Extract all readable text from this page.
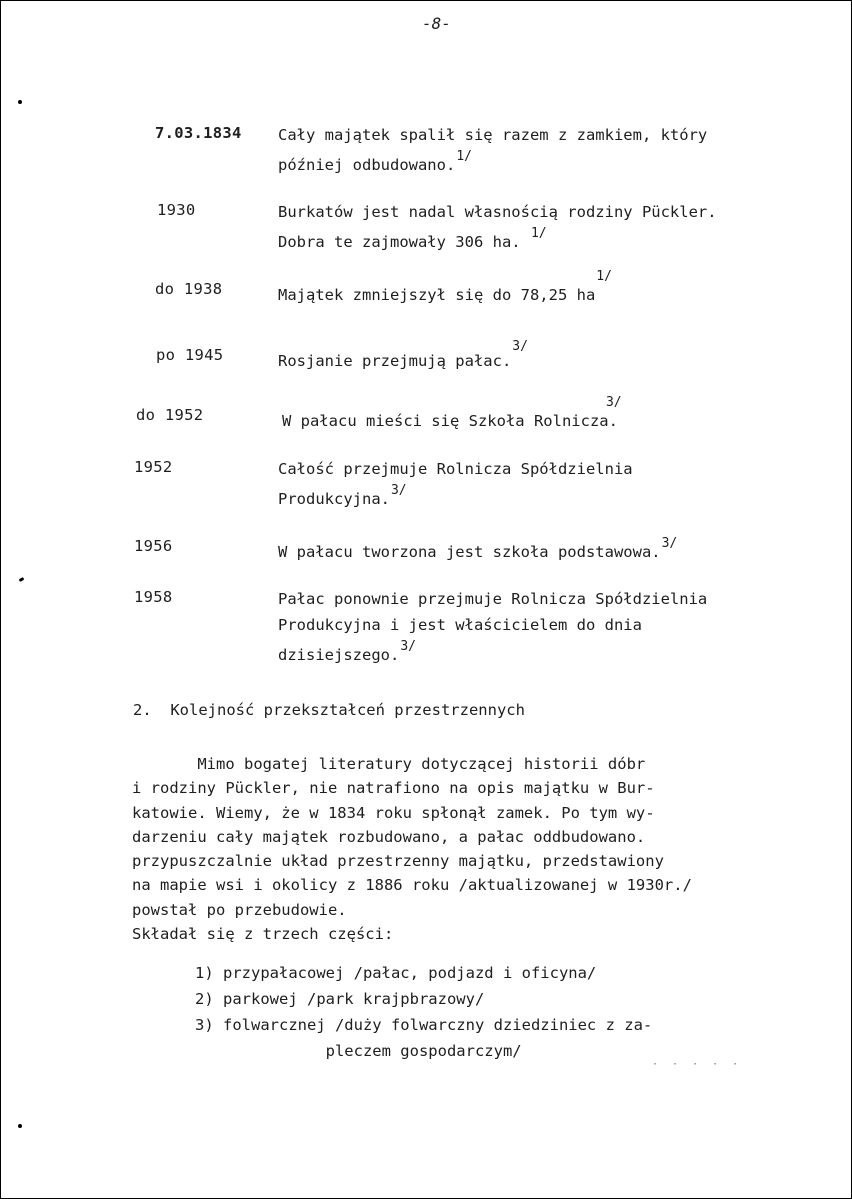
-8-
7.03.1834 Cały majątek spalił się razem z zamkiem, który
później odbudowano.$^{1/}$
1930	Burkatów jest nadal własnością rodziny Pückler.
Dobra te zajmowały 306 ha. $^{1/}$
do 1938	Majątek zmniejszył się do 78,25 ha$^{1/}$
po 1945	Rosjanie przejmują pałac.$^{3/}$
do 1952	W pałacu mieści się Szkoła Rolnicza.$^{3/}$
1952	Całość przejmuje Rolnicza Spółdzielnia
Produkcyjna.$^{3/}$
1956	W pałacu tworzona jest szkoła podstawowa.$^{3/}$
1958	Pałac ponownie przejmuje Rolnicza Spółdzielnia
Produkcyjna i jest właścicielem do dnia
dzisiejszego.$^{3/}$
2. Kolejność przekształceń przestrzennych
Mimo bogatej literatury dotyczącej historii dóbr
i rodziny Pückler, nie natrafiono na opis majątku w Bur-
katowie. Wiemy, że w 1834 roku spłonął zamek. Po tym wy-
darzeniu cały majątek rozbudowano, a pałac oddbudowano.
przypuszczalnie układ przestrzenny majątku, przedstawiony
na mapie wsi i okolicy z 1886 roku /aktualizowanej w 1930r./
powstał po przebudowie.
Składał się z trzech części:
1) przypałacowej /pałac, podjazd i oficyna/
2) parkowej /park krajpbrazowy/
3) folwarcznej /duży folwarczny dziedziniec z za-
pleczem gospodarczym/
· · · · ·
